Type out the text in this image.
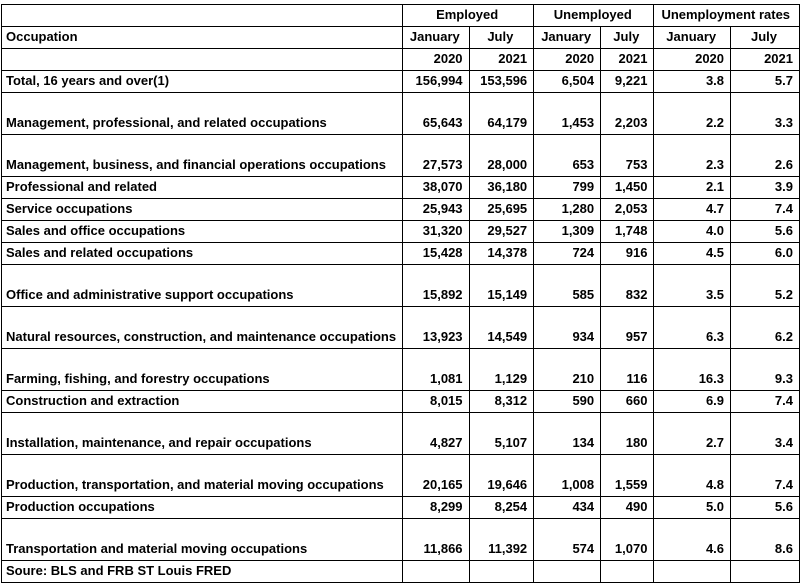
	Employed		Unemployed		Unemployment rates	
Occupation	January	July	January	July	January	July
	2020	2021	2020	2021	2020	2021
Total, 16 years and over(1)	156,994	153,596	6,504	9,221	3.8	5.7
Management, professional, and related occupations	65,643	64,179	1,453	2,203	2.2	3.3
Management, business, and financial operations occupations	27,573	28,000	653	753	2.3	2.6
Professional and related	38,070	36,180	799	1,450	2.1	3.9
Service occupations	25,943	25,695	1,280	2,053	4.7	7.4
Sales and office occupations	31,320	29,527	1,309	1,748	4.0	5.6
Sales and related occupations	15,428	14,378	724	916	4.5	6.0
Office and administrative support occupations	15,892	15,149	585	832	3.5	5.2
Natural resources, construction, and maintenance occupations	13,923	14,549	934	957	6.3	6.2
Farming, fishing, and forestry occupations	1,081	1,129	210	116	16.3	9.3
Construction and extraction	8,015	8,312	590	660	6.9	7.4
Installation, maintenance, and repair occupations	4,827	5,107	134	180	2.7	3.4
Production, transportation, and material moving occupations	20,165	19,646	1,008	1,559	4.8	7.4
Production occupations	8,299	8,254	434	490	5.0	5.6
Transportation and material moving occupations	11,866	11,392	574	1,070	4.6	8.6
Soure: BLS and FRB ST Louis FRED						
